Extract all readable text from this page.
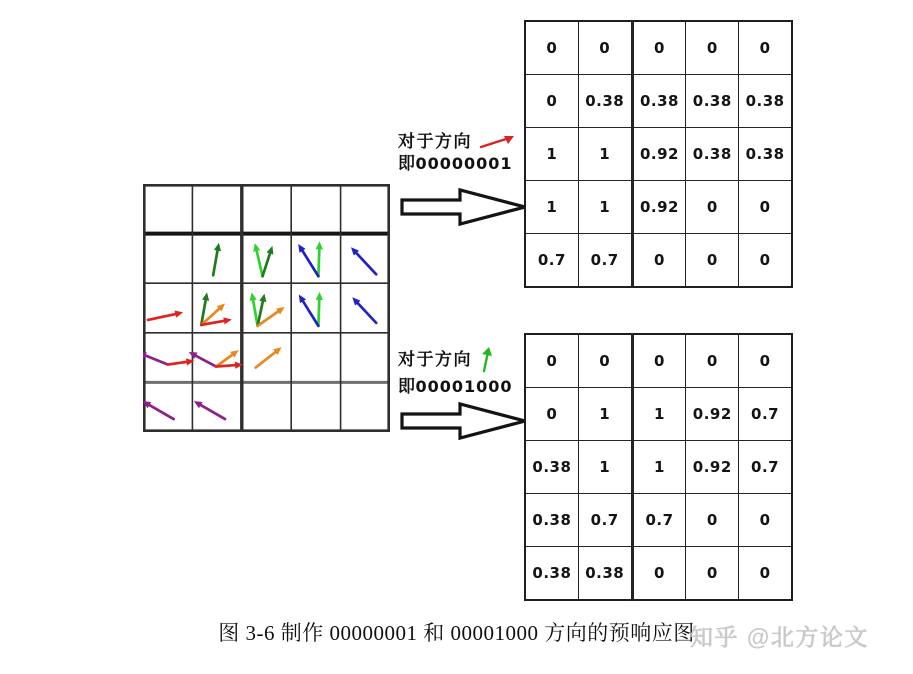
对于方向
即00000001
对于方向
即00001000
0	0	0	0	0
0	0.38	0.38	0.38	0.38
1	1	0.92	0.38	0.38
1	1	0.92	0	0
0.7	0.7	0	0	0
0	0	0	0	0
0	1	1	0.92	0.7
0.38	1	1	0.92	0.7
0.38	0.7	0.7	0	0
0.38	0.38	0	0	0
图 3-6 制作 00000001 和 00001000 方向的预响应图
知乎 @北方论文
